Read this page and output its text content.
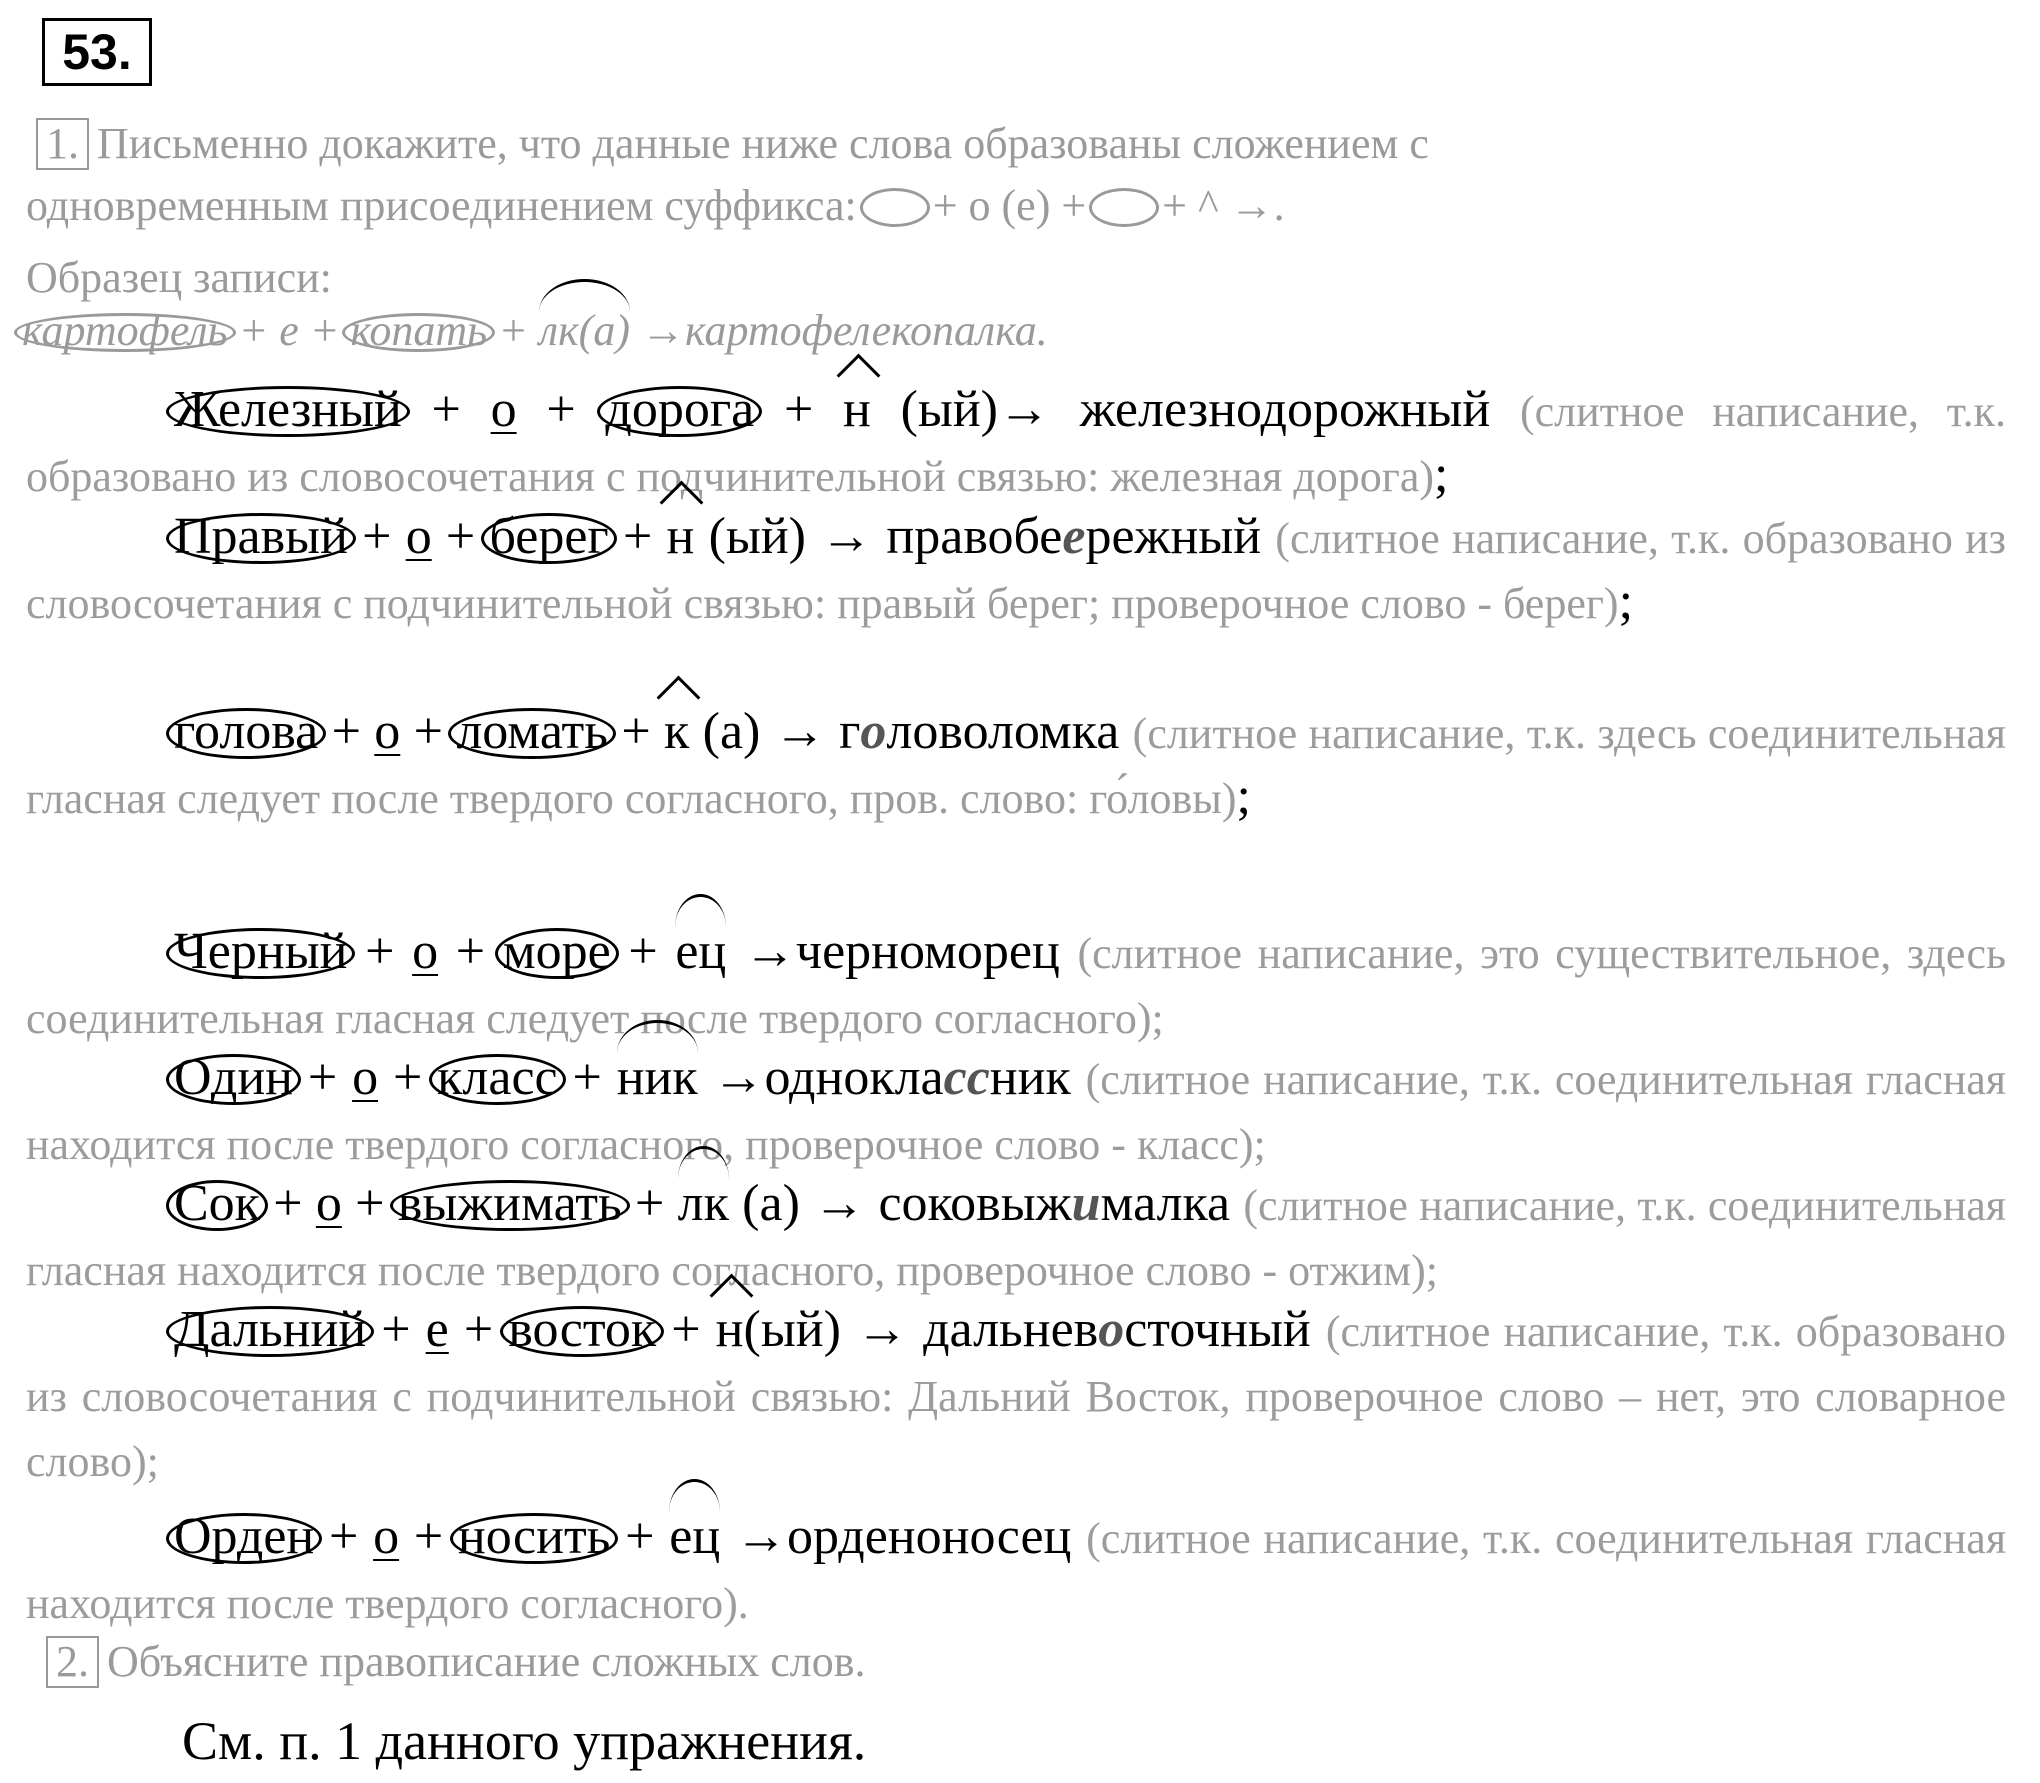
53.
1. Письменно докажите, что данные ниже слова образованы сложением с
одновременным присоединением суффикса: + о (е) + + ^ →.
Образец записи:
картофель + е + копать + лк(а) →картофелекопалка.
Железный + о + дорога + н (ый)→ железнодорожный (слитное написание, т.к. образовано из словосочетания с подчинительной связью: железная дорога);
Правый + о + берег + н (ый) → правобеережный (слитное написание, т.к. образовано из словосочетания с подчинительной связью: правый берег; проверочное слово - берег);
голова + о + ломать + к (а) → головоломка (слитное написание, т.к. здесь соединительная гласная следует после твердого согласного, пров. слово: го́ловы);
Черный + о + море + ец →черноморец (слитное написание, это существительное, здесь соединительная гласная следует после твердого согласного);
Один + о + класс + ник →одноклассник (слитное написание, т.к. соединительная гласная находится после твердого согласного, проверочное слово - класс);
Сок + о + выжимать + лк (а) → соковыжималка (слитное написание, т.к. соединительная гласная находится после твердого согласного, проверочное слово - отжим);
Дальний + е + восток + н(ый) → дальневосточный (слитное написание, т.к. образовано из словосочетания с подчинительной связью: Дальний Восток, проверочное слово – нет, это словарное слово);
Орден + о + носить + ец →орденоносец (слитное написание, т.к. соединительная гласная находится после твердого согласного).
2. Объясните правописание сложных слов.
См. п. 1 данного упражнения.
